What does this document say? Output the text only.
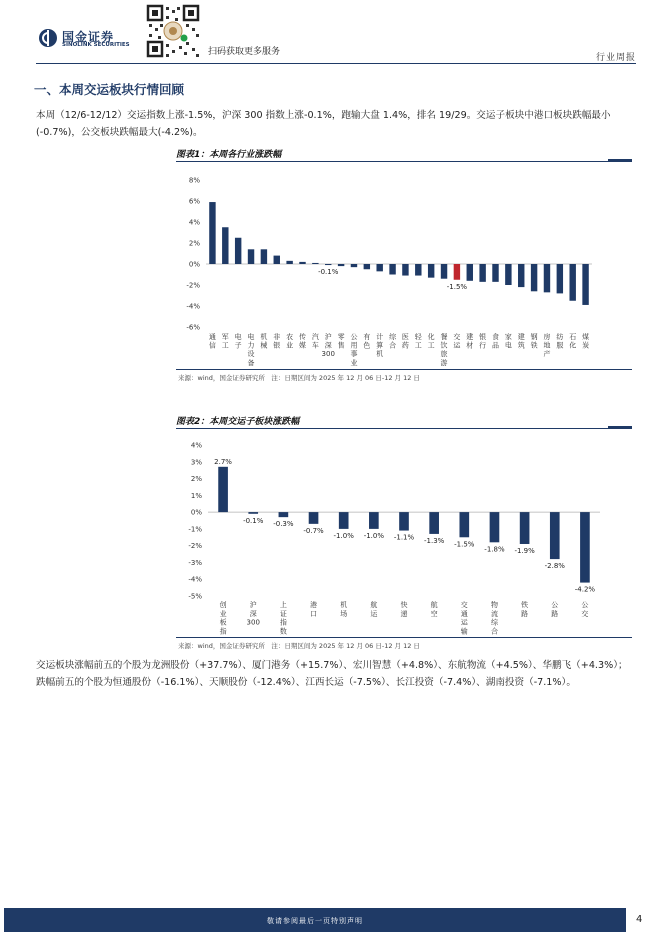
国金证券
SINOLINK SECURITIES
扫码获取更多服务
行业周报
一、本周交运板块行情回顾

本周（12/6-12/12）交运指数上涨-1.5%，沪深 300 指数上涨-0.1%，跑输大盘 1.4%，排名 19/29。交运子板块中港口板块跌幅最小(-0.7%)，公交板块跌幅最大(-4.2%)。

图表1：本周各行业涨跌幅
8%
6%
4%
2%
0%
-2%
-4%
-6%
通
信
军
工
电
子
电
力
设
备
机
械
非
银
农
业
传
媒
汽
车
-0.1%
沪
深
300
零
售
公
用
事
业
有
色
计
算
机
综
合
医
药
轻
工
化
工
餐
饮
旅
游
-1.5%
交
运
建
材
银
行
食
品
家
电
建
筑
钢
铁
房
地
产
纺
服
石
化
煤
炭
来源：wind，国金证券研究所　注：日期区间为 2025 年 12 月 06 日-12 月 12 日
图表2：本周交运子板块涨跌幅
4%
3%
2%
1%
0%
-1%
-2%
-3%
-4%
-5%
2.7%
创
业
板
指
-0.1%
沪
深
300
-0.3%
上
证
指
数
-0.7%
港
口
-1.0%
机
场
-1.0%
航
运
-1.1%
快
递
-1.3%
航
空
-1.5%
交
通
运
输
-1.8%
物
流
综
合
-1.9%
铁
路
-2.8%
公
路
-4.2%
公
交
来源：wind，国金证券研究所　注：日期区间为 2025 年 12 月 06 日-12 月 12 日

交运板块涨幅前五的个股为龙洲股份（+37.7%）、厦门港务（+15.7%）、宏川智慧（+4.8%）、东航物流（+4.5%）、华鹏飞（+4.3%）；跌幅前五的个股为恒通股份（-16.1%）、天顺股份（-12.4%）、江西长运（-7.5%）、长江投资（-7.4%）、湖南投资（-7.1%）。

敬请参阅最后一页特别声明	4
